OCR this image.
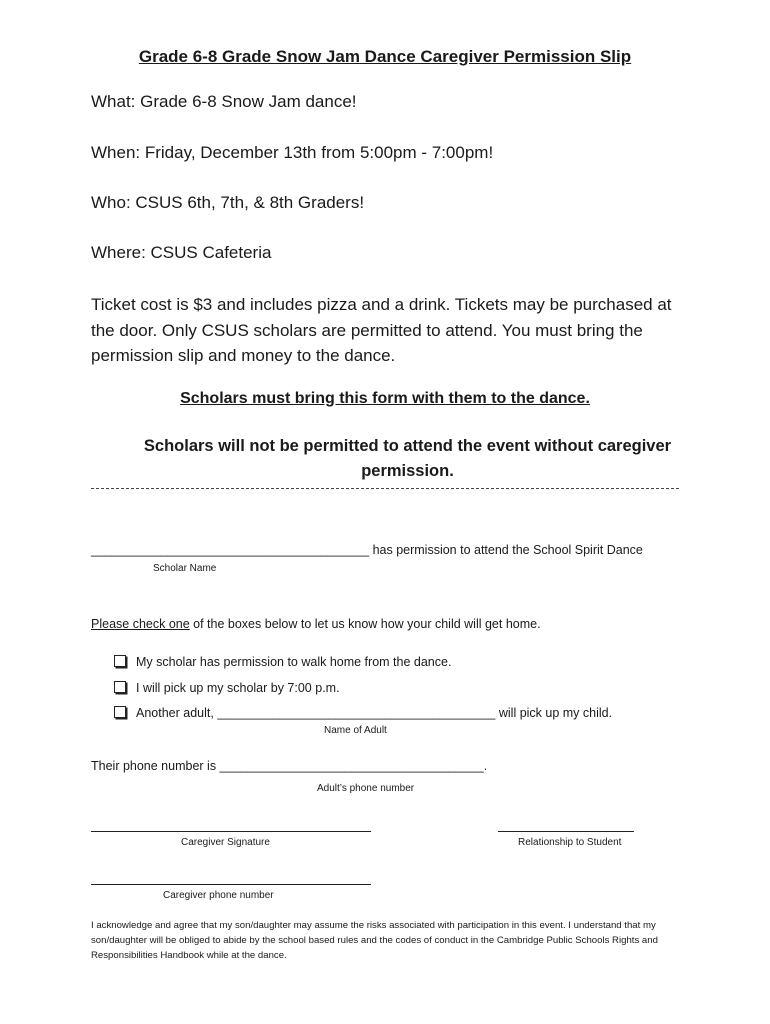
Grade 6-8 Grade Snow Jam Dance Caregiver Permission Slip
What: Grade 6-8 Snow Jam dance!
When: Friday, December 13th from 5:00pm - 7:00pm!
Who: CSUS 6th, 7th, & 8th Graders!
Where: CSUS Cafeteria
Ticket cost is $3 and includes pizza and a drink. Tickets may be purchased at the door. Only CSUS scholars are permitted to attend. You must bring the permission slip and money to the dance.
Scholars must bring this form with them to the dance.
Scholars will not be permitted to attend the event without caregiver permission.
________________________________________ has permission to attend the School Spirit Dance
Scholar Name
Please check one of the boxes below to let us know how your child will get home.
My scholar has permission to walk home from the dance.
I will pick up my scholar by 7:00 p.m.
Another adult, ________________________________________ will pick up my child.
Name of Adult
Their phone number is ______________________________________.
Adult’s phone number
Caregiver Signature	Relationship to Student
Caregiver phone number
I acknowledge and agree that my son/daughter may assume the risks associated with participation in this event. I understand that my son/daughter will be obliged to abide by the school based rules and the codes of conduct in the Cambridge Public Schools Rights and Responsibilities Handbook while at the dance.
